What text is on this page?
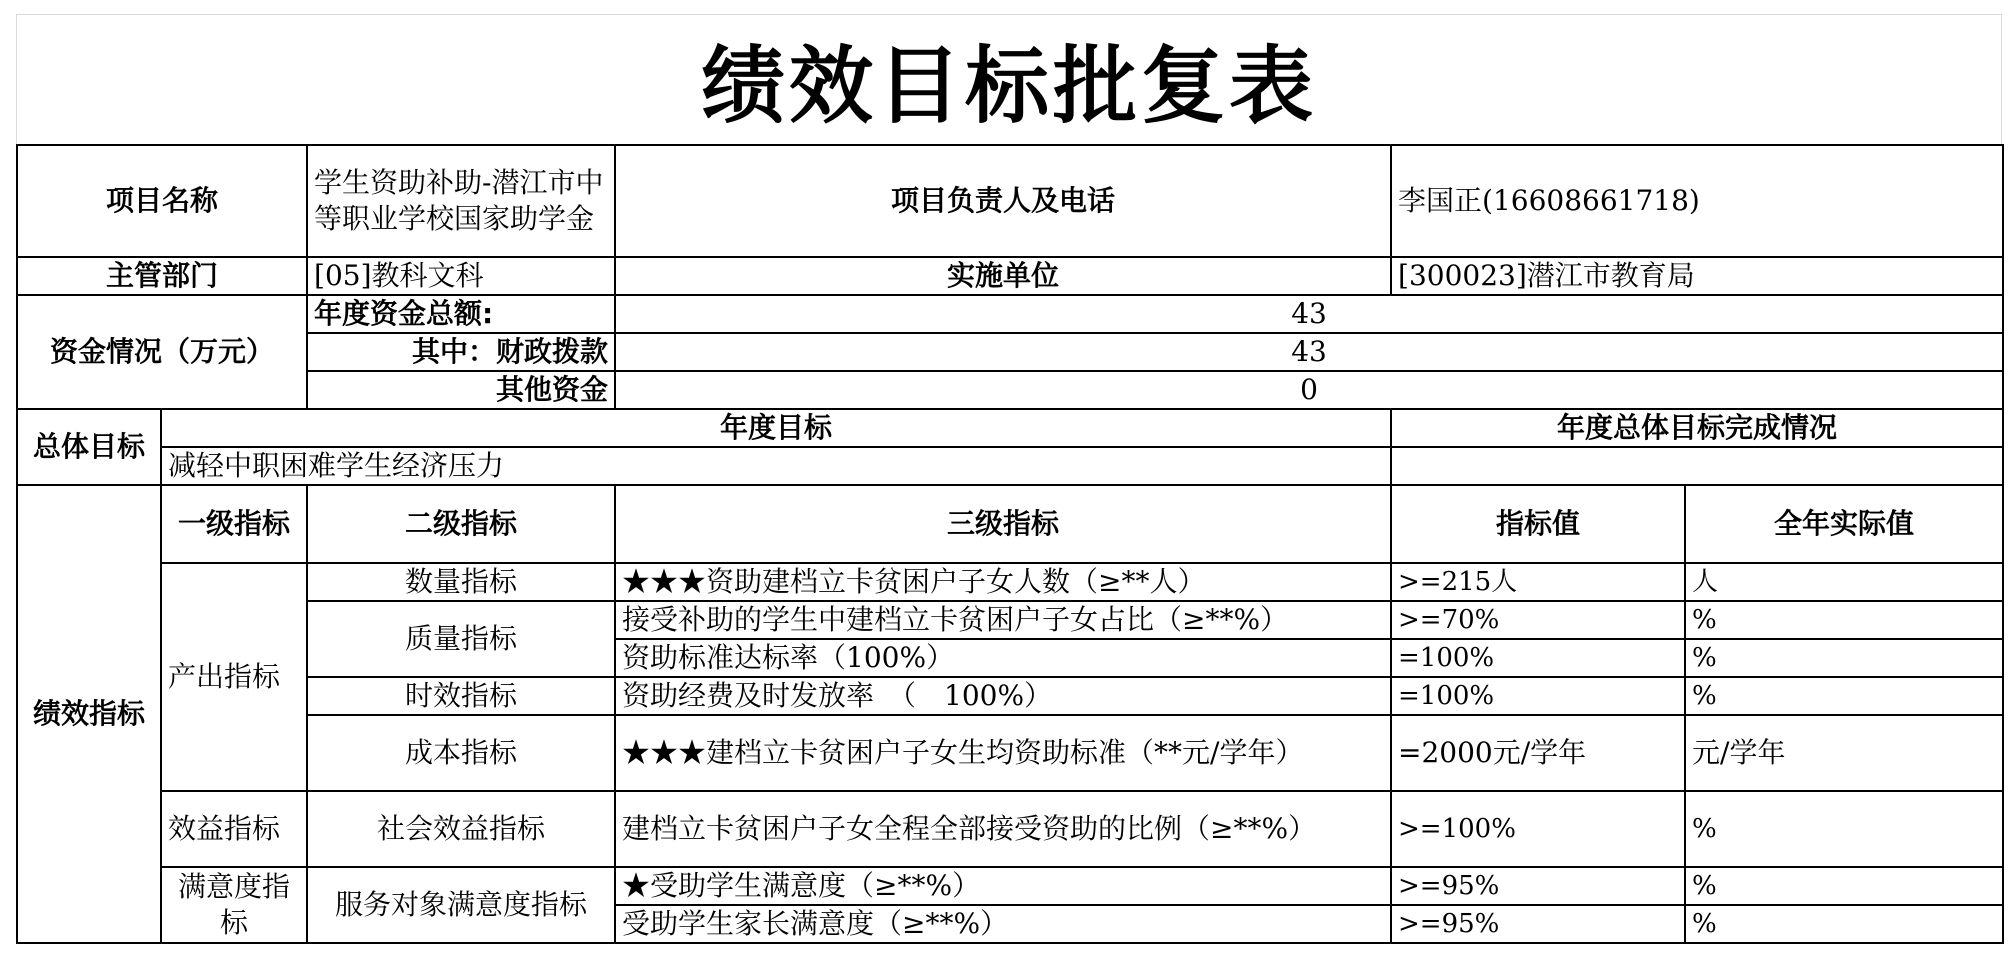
绩效目标批复表
项目名称		学生资助补助-潜江市中等职业学校国家助学金	项目负责人及电话	李国正(16608661718)	
主管部门		[05]教科文科	实施单位	[300023]潜江市教育局	
资金情况（万元）		年度资金总额:	43		
		其中：财政拨款	43		
		其他资金	0		
总体目标	年度目标			年度总体目标完成情况	
	减轻中职困难学生经济压力				
绩效指标	一级指标	二级指标	三级指标	指标值	全年实际值
	产出指标	数量指标	★★★资助建档立卡贫困户子女人数（≥**人）	>=215人	人
		质量指标	接受补助的学生中建档立卡贫困户子女占比（≥**%）	>=70%	%
			资助标准达标率（100%）	=100%	%
		时效指标	资助经费及时发放率　（　100%）	=100%	%
		成本指标	★★★建档立卡贫困户子女生均资助标准（**元/学年）	=2000元/学年	元/学年
	效益指标	社会效益指标	建档立卡贫困户子女全程全部接受资助的比例（≥**%）	>=100%	%
	满意度指标	服务对象满意度指标	★受助学生满意度（≥**%）	>=95%	%
			受助学生家长满意度（≥**%）	>=95%	%
